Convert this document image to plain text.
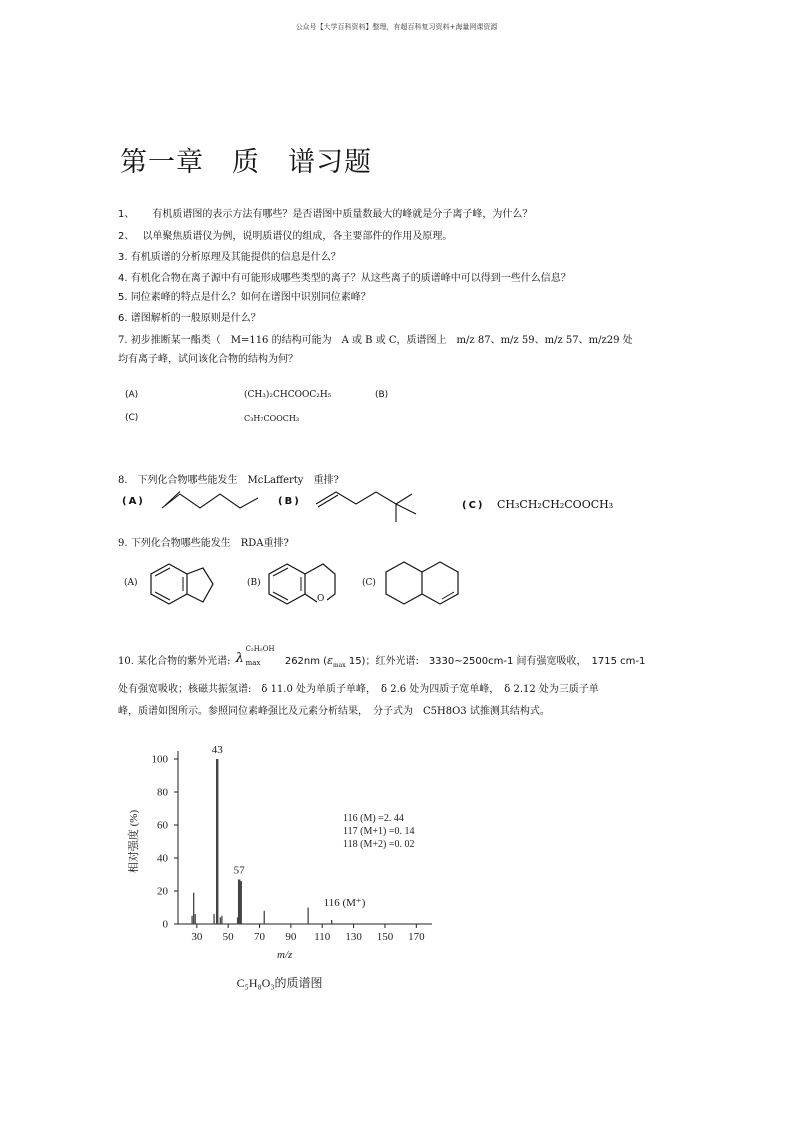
公众号【大学百科资料】整理，有超百科复习资料+海量网课资源
第一章　质　谱习题
1、 有机质谱图的表示方法有哪些？是否谱图中质量数最大的峰就是分子离子峰，为什么？
2、 以单聚焦质谱仪为例，说明质谱仪的组成，各主要部件的作用及原理。
3. 有机质谱的分析原理及其能提供的信息是什么？
4. 有机化合物在离子源中有可能形成哪些类型的离子？从这些离子的质谱峰中可以得到一些什么信息？
5. 同位素峰的特点是什么？如何在谱图中识别同位素峰？
6. 谱图解析的一般原则是什么？
7. 初步推断某一酯类（　M=116 的结构可能为　A 或 B 或 C，质谱图上　m/z 87、m/z 59、m/z 57、m/z29 处
均有离子峰，试问该化合物的结构为何？
(A)	(CH₃)₂CHCOOC₂H₅	(B)
(C)	C₃H₇COOCH₃
8.　下列化合物哪些能发生　McLafferty　重排?
(A)	(B)	(C) CH₃CH₂CH₂COOCH₃
9. 下列化合物哪些能发生　RDA重排?
(A)	(B)
O
(C)
10. 某化合物的紫外光谱: λ
C₂H₅OH
max 262nm ($\varepsilon_{max}$ 15)；红外光谱:　3330~2500cm-1 间有强宽吸收，　1715 cm-1
处有强宽吸收；核磁共振氢谱:　δ 11.0 处为单质子单峰，　δ 2.6 处为四质子宽单峰，　δ 2.12 处为三质子单
峰，质谱如图所示。参照同位素峰强比及元素分析结果，　分子式为　C5H8O3 试推测其结构式。
0
20
40
60
80
100
30 50 70 90 110 130 150 170
43
57
116 (M⁺)
116 (M) =2. 44
117 (M+1) =0. 14
118 (M+2) =0. 02
m/z
相对强度 (%)
C₅H₈O₃的质谱图
